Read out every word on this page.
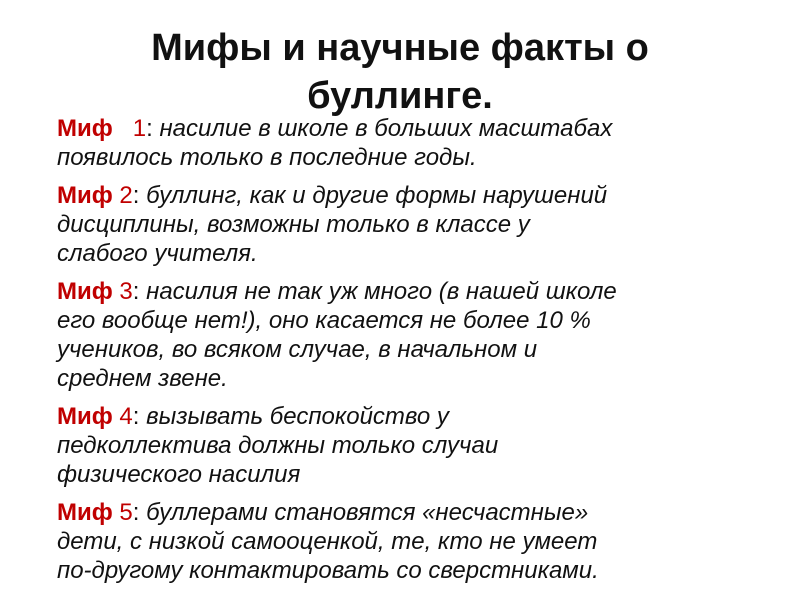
Мифы и научные факты о
буллинге.
Миф 1: насилие в школе в больших масштабах
появилось только в последние годы.
Миф 2: буллинг, как и другие формы нарушений
дисциплины, возможны только в классе у
слабого учителя.
Миф 3: насилия не так уж много (в нашей школе
его вообще нет!), оно касается не более 10 %
учеников, во всяком случае, в начальном и
среднем звене.
Миф 4: вызывать беспокойство у
педколлектива должны только случаи
физического насилия
Миф 5: буллерами становятся «несчастные»
дети, с низкой самооценкой, те, кто не умеет
по-другому контактировать со сверстниками.
